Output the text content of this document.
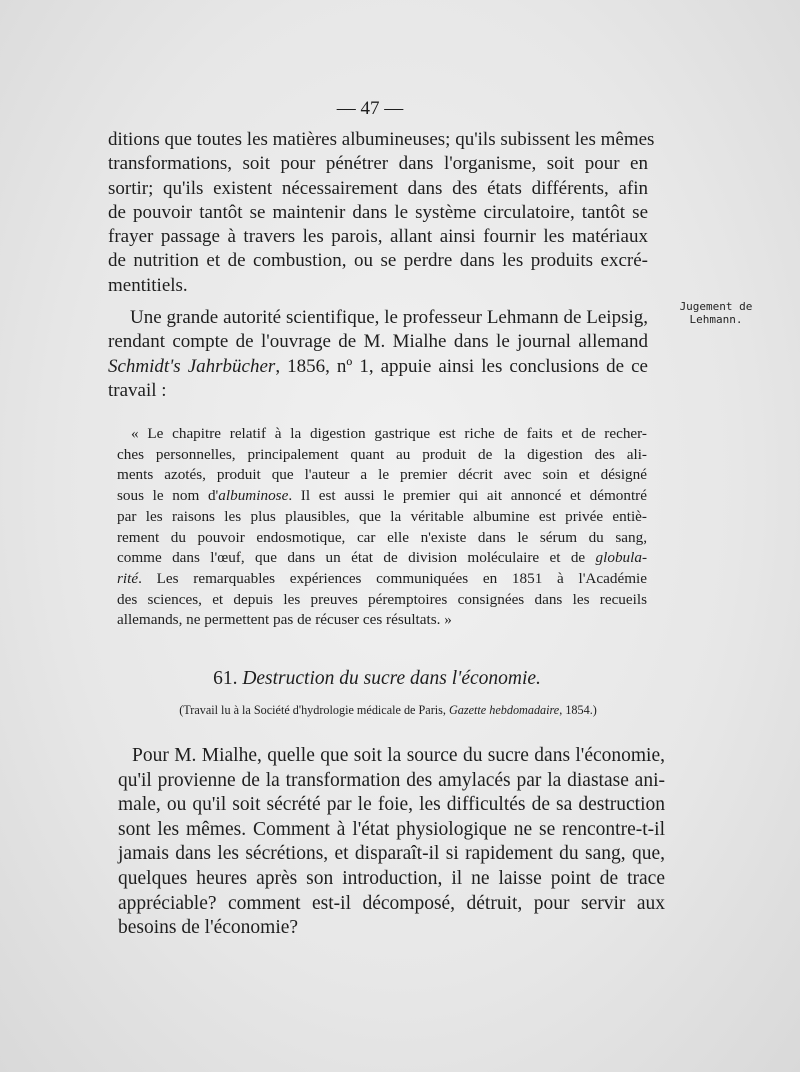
— 47 —
ditions que toutes les matières albumineuses; qu'ils subissent les mêmes
transformations, soit pour pénétrer dans l'organisme, soit pour en
sortir; qu'ils existent nécessairement dans des états différents, afin
de pouvoir tantôt se maintenir dans le système circulatoire, tantôt se
frayer passage à travers les parois, allant ainsi fournir les matériaux
de nutrition et de combustion, ou se perdre dans les produits excré-
mentitiels.
Jugement de
Lehmann.
Une grande autorité scientifique, le professeur Lehmann de Leipsig,
rendant compte de l'ouvrage de M. Mialhe dans le journal allemand
Schmidt's Jahrbücher, 1856, nº 1, appuie ainsi les conclusions de ce
travail :
« Le chapitre relatif à la digestion gastrique est riche de faits et de recher-
ches personnelles, principalement quant au produit de la digestion des ali-
ments azotés, produit que l'auteur a le premier décrit avec soin et désigné
sous le nom d'albuminose. Il est aussi le premier qui ait annoncé et démontré
par les raisons les plus plausibles, que la véritable albumine est privée entiè-
rement du pouvoir endosmotique, car elle n'existe dans le sérum du sang,
comme dans l'œuf, que dans un état de division moléculaire et de globula-
rité. Les remarquables expériences communiquées en 1851 à l'Académie
des sciences, et depuis les preuves péremptoires consignées dans les recueils
allemands, ne permettent pas de récuser ces résultats. »
61. Destruction du sucre dans l'économie.
(Travail lu à la Société d'hydrologie médicale de Paris, Gazette hebdomadaire, 1854.)
Pour M. Mialhe, quelle que soit la source du sucre dans l'économie,
qu'il provienne de la transformation des amylacés par la diastase ani-
male, ou qu'il soit sécrété par le foie, les difficultés de sa destruction
sont les mêmes. Comment à l'état physiologique ne se rencontre-t-il
jamais dans les sécrétions, et disparaît-il si rapidement du sang, que,
quelques heures après son introduction, il ne laisse point de trace
appréciable? comment est-il décomposé, détruit, pour servir aux
besoins de l'économie?
